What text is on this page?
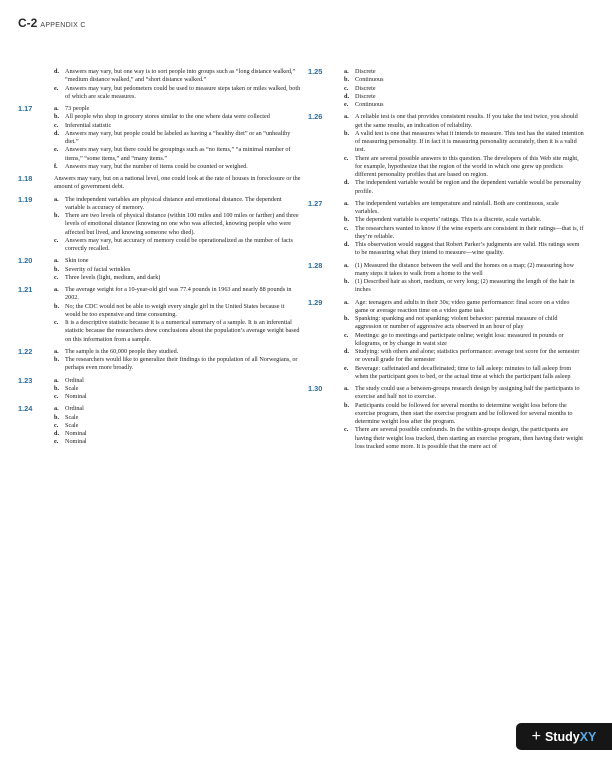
C-2 APPENDIX C
d. Answers may vary, but one way is to sort people into groups such as “long distance walked,” “medium distance walked,” and “short distance walked.”
e. Answers may vary, but pedometers could be used to measure steps taken or miles walked, both of which are scale measures.
1.17	a. 73 people
b. All people who shop in grocery stores similar to the one where data were collected
c. Inferential statistic
d. Answers may vary, but people could be labeled as having a “healthy diet” or an “unhealthy diet.”
e. Answers may vary, but there could be groupings such as “no items,” “a minimal number of items,” “some items,” and “many items.”
f. Answers may vary, but the number of items could be counted or weighed.
1.18	Answers may vary, but on a national level, one could look at the rate of houses in foreclosure or the amount of government debt.
1.19	a. The independent variables are physical distance and emotional distance. The dependent variable is accuracy of memory.
b. There are two levels of physical distance (within 100 miles and 100 miles or farther) and three levels of emotional distance (knowing no one who was affected, knowing people who were affected but lived, and knowing someone who died).
c. Answers may vary, but accuracy of memory could be operationalized as the number of facts correctly recalled.
1.20	a. Skin tone
b. Severity of facial wrinkles
c. Three levels (light, medium, and dark)
1.21	a. The average weight for a 10-year-old girl was 77.4 pounds in 1963 and nearly 88 pounds in 2002.
b. No; the CDC would not be able to weigh every single girl in the United States because it would be too expensive and time consuming.
c. It is a descriptive statistic because it is a numerical summary of a sample. It is an inferential statistic because the researchers drew conclusions about the population’s average weight based on this information from a sample.
1.22	a. The sample is the 60,000 people they studied.
b. The researchers would like to generalize their findings to the population of all Norwegians, or perhaps even more broadly.
1.23	a. Ordinal
b. Scale
c. Nominal
1.24	a. Ordinal
b. Scale
c. Scale
d. Nominal
e. Nominal
1.25	a. Discrete
b. Continuous
c. Discrete
d. Discrete
e. Continuous
1.26	a. A reliable test is one that provides consistent results. If you take the test twice, you should get the same results, an indication of reliability.
b. A valid test is one that measures what it intends to measure. This test has the stated intention of measuring personality. If in fact it is measuring personality accurately, then it is a valid test.
c. There are several possible answers to this question. The developers of this Web site might, for example, hypothesize that the region of the world in which one grew up predicts different personality profiles that are based on region.
d. The independent variable would be region and the dependent variable would be personality profile.
1.27	a. The independent variables are temperature and rainfall. Both are continuous, scale variables.
b. The dependent variable is experts’ ratings. This is a discrete, scale variable.
c. The researchers wanted to know if the wine experts are consistent in their ratings—that is, if they’re reliable.
d. This observation would suggest that Robert Parker’s judgments are valid. His ratings seem to be measuring what they intend to measure—wine quality.
1.28	a. (1) Measured the distance between the well and the homes on a map; (2) measuring how many steps it takes to walk from a home to the well
b. (1) Described hair as short, medium, or very long; (2) measuring the length of the hair in inches
1.29	a. Age: teenagers and adults in their 30s; video game performance: final score on a video game or average reaction time on a video game task
b. Spanking: spanking and not spanking; violent behavior: parental measure of child aggression or number of aggressive acts observed in an hour of play
c. Meetings: go to meetings and participate online; weight loss: measured in pounds or kilograms, or by change in waist size
d. Studying: with others and alone; statistics performance: average test score for the semester or overall grade for the semester
e. Beverage: caffeinated and decaffeinated; time to fall asleep: minutes to fall asleep from when the participant goes to bed, or the actual time at which the participant falls asleep
1.30	a. The study could use a between-groups research design by assigning half the participants to exercise and half not to exercise.
b. Participants could be followed for several months to determine weight loss before the exercise program, then start the exercise program and be followed for several months to determine weight loss after the program.
c. There are several possible confounds. In the within-groups design, the participants are having their weight loss tracked, then starting an exercise program, then having their weight loss tracked some more. It is possible that the mere act of
+ Study XY
